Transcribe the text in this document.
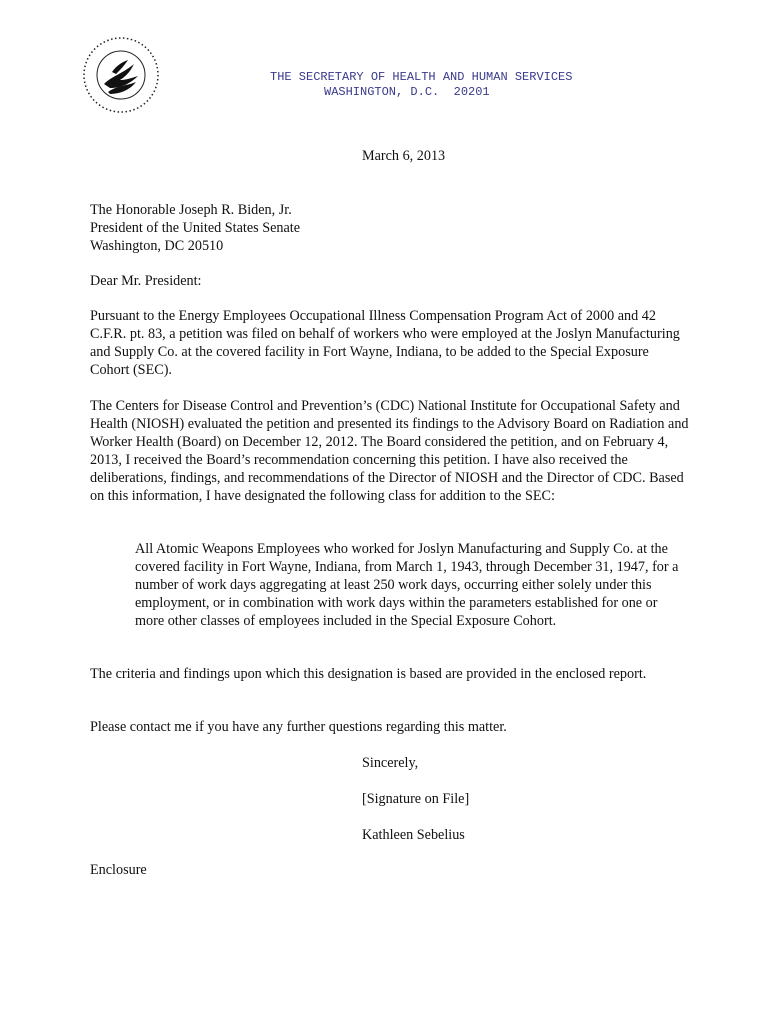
THE SECRETARY OF HEALTH AND HUMAN SERVICES
WASHINGTON, D.C.  20201
March 6, 2013
The Honorable Joseph R. Biden, Jr.
President of the United States Senate
Washington, DC 20510
Dear Mr. President:
Pursuant to the Energy Employees Occupational Illness Compensation Program Act of 2000 and 42 C.F.R. pt. 83, a petition was filed on behalf of workers who were employed at the Joslyn Manufacturing and Supply Co. at the covered facility in Fort Wayne, Indiana, to be added to the Special Exposure Cohort (SEC).
The Centers for Disease Control and Prevention’s (CDC) National Institute for Occupational Safety and Health (NIOSH) evaluated the petition and presented its findings to the Advisory Board on Radiation and Worker Health (Board) on December 12, 2012. The Board considered the petition, and on February 4, 2013, I received the Board’s recommendation concerning this petition. I have also received the deliberations, findings, and recommendations of the Director of NIOSH and the Director of CDC. Based on this information, I have designated the following class for addition to the SEC:
All Atomic Weapons Employees who worked for Joslyn Manufacturing and Supply Co. at the covered facility in Fort Wayne, Indiana, from March 1, 1943, through December 31, 1947, for a number of work days aggregating at least 250 work days, occurring either solely under this employment, or in combination with work days within the parameters established for one or more other classes of employees included in the Special Exposure Cohort.
The criteria and findings upon which this designation is based are provided in the enclosed report.
Please contact me if you have any further questions regarding this matter.
Sincerely,
[Signature on File]
Kathleen Sebelius
Enclosure
